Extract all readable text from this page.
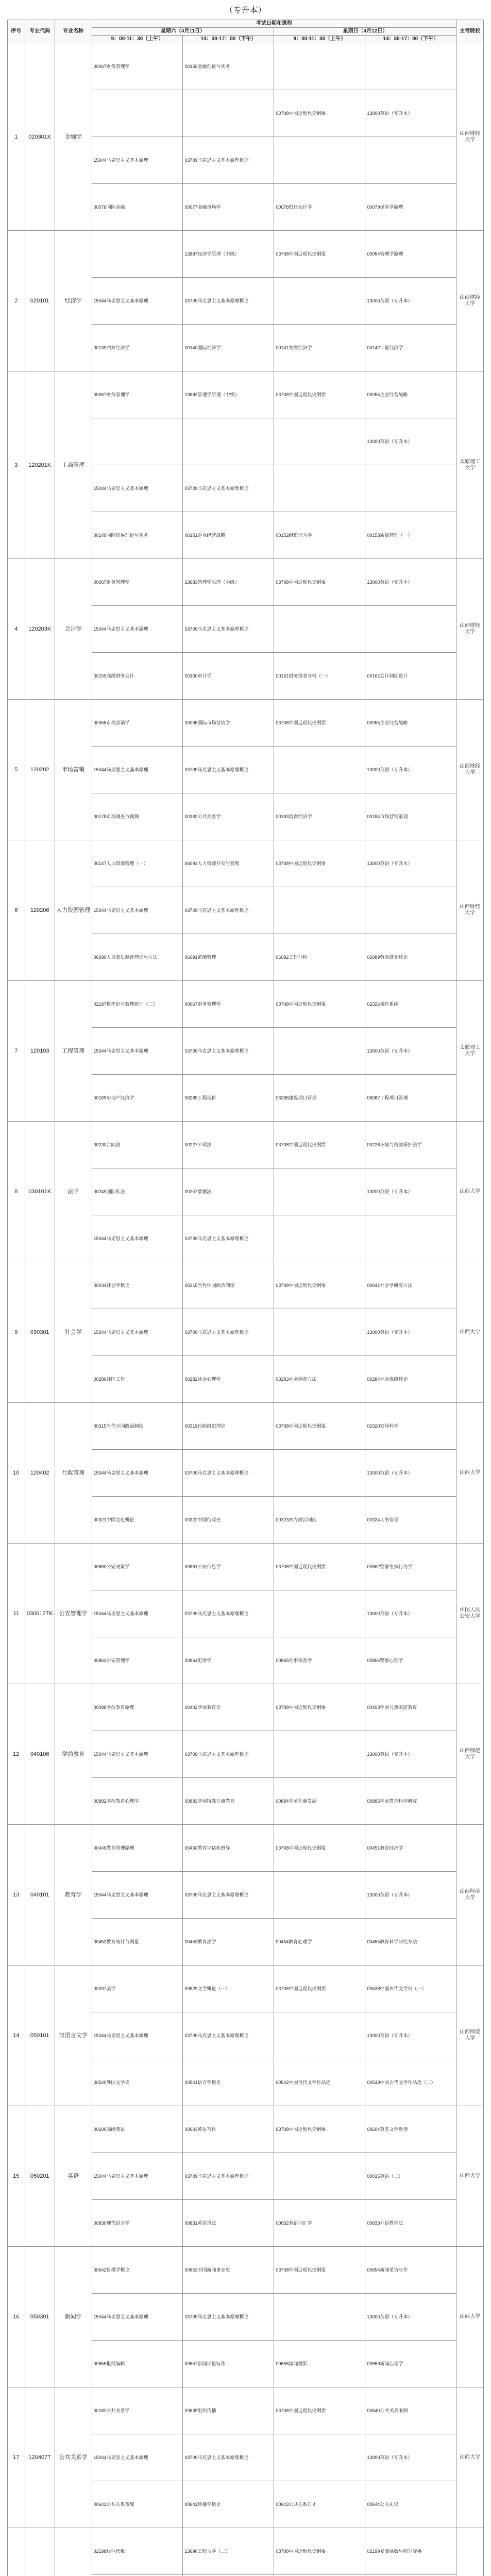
（专升本）
序号	专业代码	专业名称	考试日期和课程				主考院校
			星期六（4月11日）		星期日（4月12日）		
			9：00-11：30（上午）	14：30-17：00（下午）	9：00-11：30（上午）	14：30-17：00（下午）	
1	020301K	金融学	00067财务管理学	00150金融理论与实务			山西财经大学
					03708中国近现代史纲要	13000英语（专升本）	
			15044马克思主义基本原理	03709马克思主义基本原理概论			
			00076国际金融	00077金融市场学	00078银行会计学	00079保险学原理	
2	020101	经济学		13887经济学原理（中级）	03708中国近现代史纲要	00054管理学原理	山西财经大学
			15044马克思主义基本原理	03709马克思主义基本原理概论		13000英语（专升本）	
			00139西方经济学	00140国际经济学	00141发展经济学	00142计量经济学	
3	120201K	工商管理	00067财务管理学	13683管理学原理（中级）	03708中国近现代史纲要	00055企业经营战略	太原理工大学
						13000英语（专升本）	
			15044马克思主义基本原理	03709马克思主义基本原理概论			
			00149国际贸易理论与实务	00151企业经营战略	00152组织行为学	00153质量管理（一）	
4	120203K	会计学	00067财务管理学	13683管理学原理（中级）	03708中国近现代史纲要	13000英语（专升本）	山西财经大学
			15044马克思主义基本原理	03709马克思主义基本原理概论			
			00159高级财务会计	00160审计学	00161财务报表分析（一）	00162会计制度设计	
5	120202	市场营销	00058市场营销学	00098国际市场营销学	03708中国近现代史纲要	00055企业经营战略	山西财经大学
			15044马克思主义基本原理	03709马克思主义基本原理概论		13000英语（专升本）	
			00178市场调查与预测	00182公共关系学	00183消费经济学	00184市场营销策划	
6	120206	人力资源管理	00147人力资源管理（一）	06093人力资源开发与管理	03708中国近现代史纲要	13000英语（专升本）	山西财经大学
			15044马克思主义基本原理	03709马克思主义基本原理概论			
			06090人员素质测评理论与方法	06091薪酬管理	06092工作分析	06089劳动就业概论	
7	120103	工程管理	02197概率论与数理统计（二）	00067财务管理学	03708中国近现代史纲要	02326操作系统	太原理工大学
			15044马克思主义基本原理	03709马克思主义基本原理概论		13000英语（专升本）	
			00169房地产经济学	06289工程造价	06288建设项目管理	06087工程项目管理	
8	030101K	法学	00230合同法	00227公司法	03708中国近现代史纲要	00228环境与资源保护法学	山西大学
			00249国际私法	00257票据法		13000英语（专升本）	
			15044马克思主义基本原理	03709马克思主义基本原理概论			
9	030301	社会学	00034社会学概论	00315当代中国政治制度	03708中国近现代史纲要	00041社会学研究方法	山西大学
			15044马克思主义基本原理	03709马克思主义基本原理概论		13000英语（专升本）	
			00280社区工作	00282社会心理学	00283社会调查方法	00284社会保障概论	
10	120402	行政管理	00315当代中国政治制度	00319行政组织理论	03708中国近现代史纲要	00320领导科学	山西大学
			15044马克思主义基本原理	03709马克思主义基本原理概论		13000英语（专升本）	
			00321中国文化概论	00322中国行政史	00323西方政治制度	00324人事管理	
11	030612TK	公安管理学	00860公安决策学	00861公安信息学	03708中国近现代史纲要	00862警察组织行为学	中国人民公安大学
			15044马克思主义基本原理	03709马克思主义基本原理概论		13000英语（专升本）	
			00863公安管理学	00864犯罪学	00865刑事侦查学	00866警察心理学	
12	040106	学前教育	00398学前教育原理	00402学前教育史	03708中国近现代史纲要	00403学前儿童家庭教育	山西师范大学
			15044马克思主义基本原理	03709马克思主义基本原理概论		13000英语（专升本）	
			00882学前教育心理学	00883学前特殊儿童教育	00884学前儿童发展	00885学前教育科学研究	
13	040101	教育学	00449教育管理原理	00450教育评估和督导	03708中国近现代史纲要	00451教育经济学	山西师范大学
			15044马克思主义基本原理	03709马克思主义基本原理概论		13000英语（专升本）	
			00452教育统计与测量	00453教育法学	00454教育心理学	00455教育科学研究方法	
14	050101	汉语言文学	00037美学	00529文学概论（一）	03708中国近现代史纲要	00538中国古代文学史（一）	山西师范大学
			15044马克思主义基本原理	03709马克思主义基本原理概论		13000英语（专升本）	
			00540外国文学史	00541语言学概论	00542中国当代文学作品选	00543中国古代文学作品选（二）	
15	050201	英语	00600高级英语	00603英语写作	03708中国近现代史纲要	00604英美文学选读	山西大学
			15044马克思主义基本原理	03709马克思主义基本原理概论		00015英语（二）	
			00830现代语言学	00831英语语法	00832英语词汇学	00833外语教学法	
16	050301	新闻学	00642传播学概论	00653中国新闻事业史	03708中国近现代史纲要	00654新闻采访写作	山西大学
			15044马克思主义基本原理	03709马克思主义基本原理概论		13000英语（专升本）	
			00655报纸编辑	00657新闻评论写作	00658新闻摄影	00659新闻心理学	
17	120407T	公共关系学	00182公共关系学	00639组织传播	03708中国近现代史纲要	00640公共关系案例	山西大学
			15044马克思主义基本原理	03709马克思主义基本原理概论		13000英语（专升本）	
			00641公共关系策划	00642传播学概论	00643公共关系口才	00644公关礼仪	
			02198线性代数	13690工程力学（二）	03708中国近现代史纲要	02199复变函数与积分变换	
